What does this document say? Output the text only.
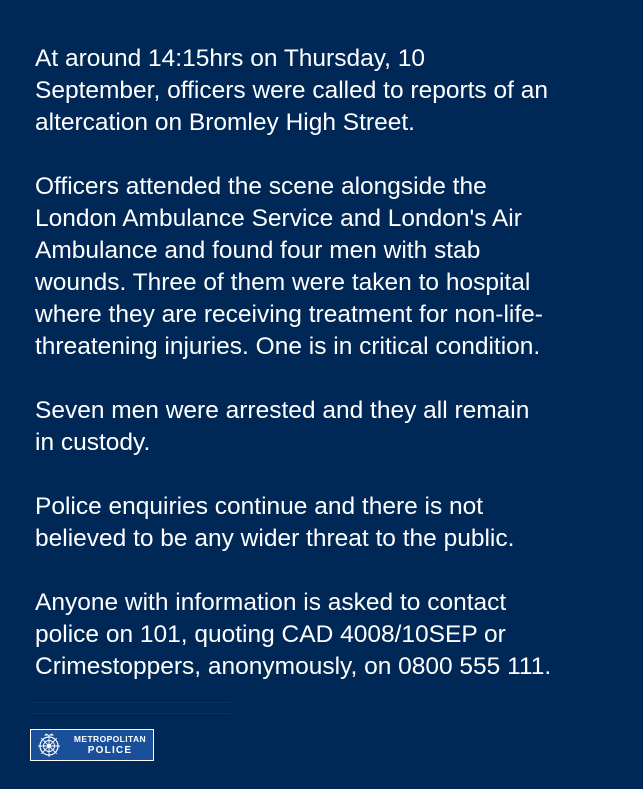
At around 14:15hrs on Thursday, 10
September, officers were called to reports of an
altercation on Bromley High Street.

Officers attended the scene alongside the
London Ambulance Service and London's Air
Ambulance and found four men with stab
wounds. Three of them were taken to hospital
where they are receiving treatment for non-life-
threatening injuries. One is in critical condition.

Seven men were arrested and they all remain
in custody.

Police enquiries continue and there is not
believed to be any wider threat to the public.

Anyone with information is asked to contact
police on 101, quoting CAD 4008/10SEP or
Crimestoppers, anonymously, on 0800 555 111.

METROPOLITAN
POLICE
